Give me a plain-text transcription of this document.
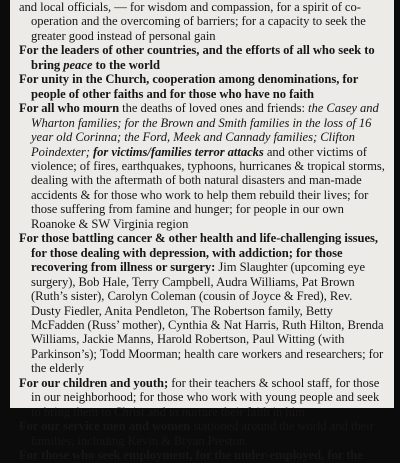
and local officials, — for wisdom and compassion, for a spirit of co-operation and the overcoming of barriers; for a capacity to seek the greater good instead of personal gain

For the leaders of other countries, and the efforts of all who seek to bring peace to the world

For unity in the Church, cooperation among denominations, for people of other faiths and for those who have no faith

For all who mourn the deaths of loved ones and friends: the Casey and Wharton families; for the Brown and Smith families in the loss of 16 year old Corinna; the Ford, Meek and Cannady families; Clifton Poindexter; for victims/families terror attacks and other victims of violence; of fires, earthquakes, typhoons, hurricanes & tropical storms, dealing with the aftermath of both natural disasters and man-made accidents & for those who work to help them rebuild their lives; for those suffering from famine and hunger; for people in our own Roanoke & SW Virginia region

For those battling cancer & other health and life-challenging issues, for those dealing with depression, with addiction; for those recovering from illness or surgery: Jim Slaughter (upcoming eye surgery), Bob Hale, Terry Campbell, Audra Williams, Pat Brown (Ruth’s sister), Carolyn Coleman (cousin of Joyce & Fred), Rev. Dusty Fiedler, Anita Pendleton, The Robertson family, Betty McFadden (Russ’ mother), Cynthia & Nat Harris, Ruth Hilton, Brenda Williams, Jackie Manns, Harold Robertson, Paul Witting (with Parkinson’s); Todd Moorman; health care workers and researchers; for the elderly

For our children and youth; for their teachers & school staff, for those in our neighborhood; for those who work with young people and seek to bring them to Christ and to nurture their faith in him

For our service men and women stationed around the world and their families, including Kevin & Bryan Preston.

For those who seek employment, for the under-employed, for the
